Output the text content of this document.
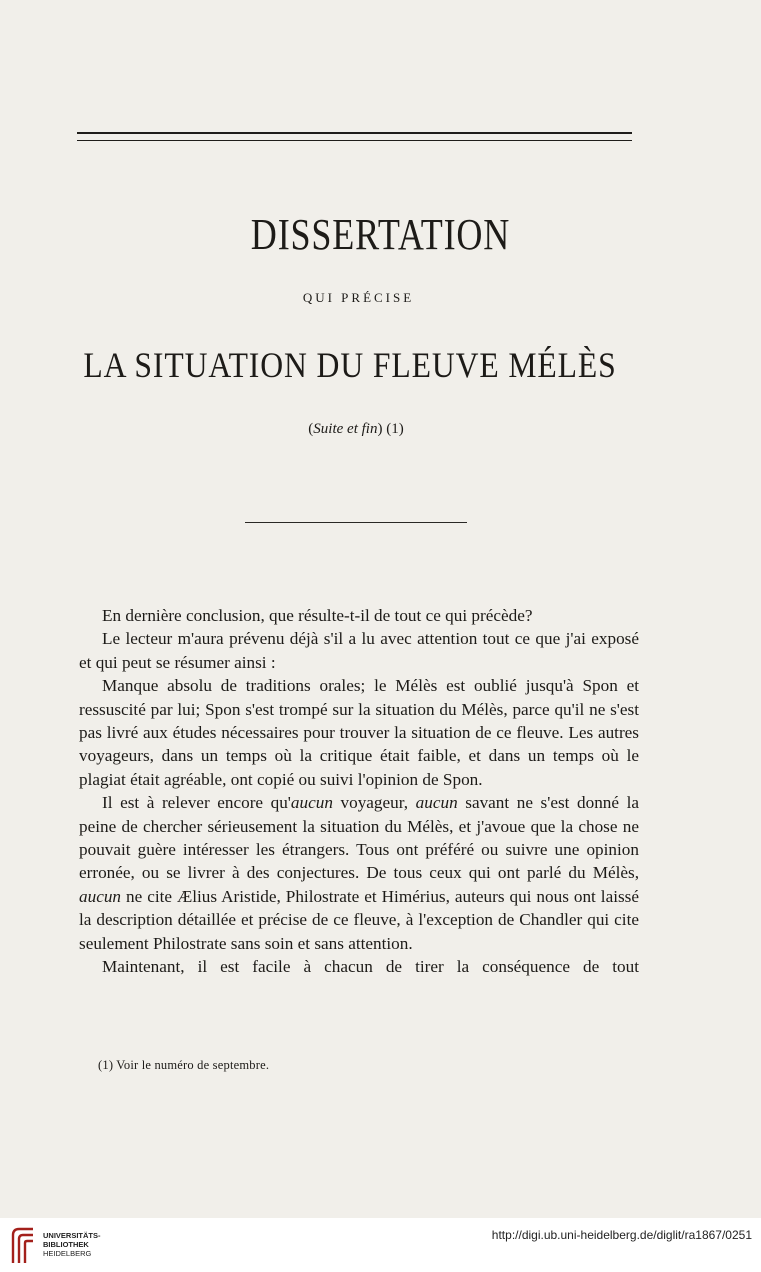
DISSERTATION
QUI PRÉCISE
LA SITUATION DU FLEUVE MÉLÈS
(Suite et fin) (1)

En dernière conclusion, que résulte-t-il de tout ce qui précède?

Le lecteur m'aura prévenu déjà s'il a lu avec attention tout ce que j'ai exposé et qui peut se résumer ainsi :

Manque absolu de traditions orales; le Mélès est oublié jusqu'à Spon et ressuscité par lui; Spon s'est trompé sur la situation du Mélès, parce qu'il ne s'est pas livré aux études nécessaires pour trouver la situation de ce fleuve. Les autres voyageurs, dans un temps où la critique était faible, et dans un temps où le plagiat était agréable, ont copié ou suivi l'opinion de Spon.

Il est à relever encore qu'aucun voyageur, aucun savant ne s'est donné la peine de chercher sérieusement la situation du Mélès, et j'avoue que la chose ne pouvait guère intéresser les étrangers. Tous ont préféré ou suivre une opinion erronée, ou se livrer à des conjectures. De tous ceux qui ont parlé du Mélès, aucun ne cite Ælius Aristide, Philostrate et Himérius, auteurs qui nous ont laissé la description détaillée et précise de ce fleuve, à l'exception de Chandler qui cite seulement Philostrate sans soin et sans attention.

Maintenant, il est facile à chacun de tirer la conséquence de tout

(1) Voir le numéro de septembre.
UNIVERSITÄTS-
BIBLIOTHEK
HEIDELBERG
http://digi.ub.uni-heidelberg.de/diglit/ra1867/0251
